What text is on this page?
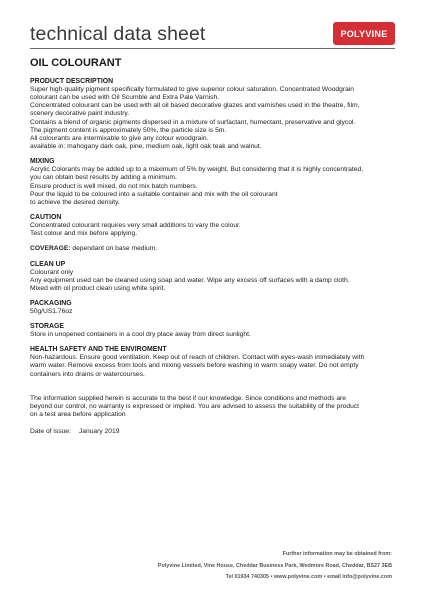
technical data sheet	POLYVINE
OIL COLOURANT

PRODUCT DESCRIPTION

Super high-quality pigment specifically formulated to give superior colour saturation. Concentrated Woodgrain

colourant can be used with Oil Scumble and Extra Pale Varnish.

Concentrated colourant can be used with all oil based decorative glazes and varnishes used in the theatre, film,

scenery decorative paint industry.

Contains a blend of organic pigments dispersed in a mixture of surfactant, humectant, preservative and glycol.

The pigment content is approximately 50%, the particle size is 5m.

All colourants are intermixable to give any colour woodgrain.

available in: mahogany dark oak, pine, medium oak, light oak teak and walnut.

MIXING

Acrylic Colorants may be added up to a maximum of 5% by weight. But considering that it is highly concentrated,

you can obtain best results by adding a minimum.

Ensure product is well mixed, do not mix batch numbers.

Pour the liquid to be coloured into a suitable container and mix with the oil colourant

to achieve the desired density.

CAUTION

Concentrated colourant requires very small additions to vary the colour.

Test colour and mix before applying.

COVERAGE: dependant on base medium.

CLEAN UP

Colourant only

Any equipment used can be cleaned using soap and water. Wipe any excess off surfaces with a damp cloth.

Mixed with oil product clean using white spirit.

PACKAGING

50g/US1.76oz

STORAGE

Store in unopened containers in a cool dry place away from direct sunlight.

HEALTH SAFETY AND THE ENVIROMENT

Non-hazardous. Ensure good ventilation. Keep out of reach of children. Contact with eyes-wash immediately with

warm water. Remove excess from tools and mixing vessels before washing in warm soapy water. Do not empty

containers into drains or watercourses.

The information supplied herein is accurate to the best if our knowledge. Since conditions and methods are

beyond our control, no warranty is expressed or implied. You are advised to assess the suitability of the product

on a test area before application

Date of issue: January 2019

Further information may be obtained from:

Polyvine Limited, Vine House, Cheddar Business Park, Wedmore Road, Cheddar, BS27 3EB

Tel 01934 740305 • www.polyvine.com • email info@polyvine.com
